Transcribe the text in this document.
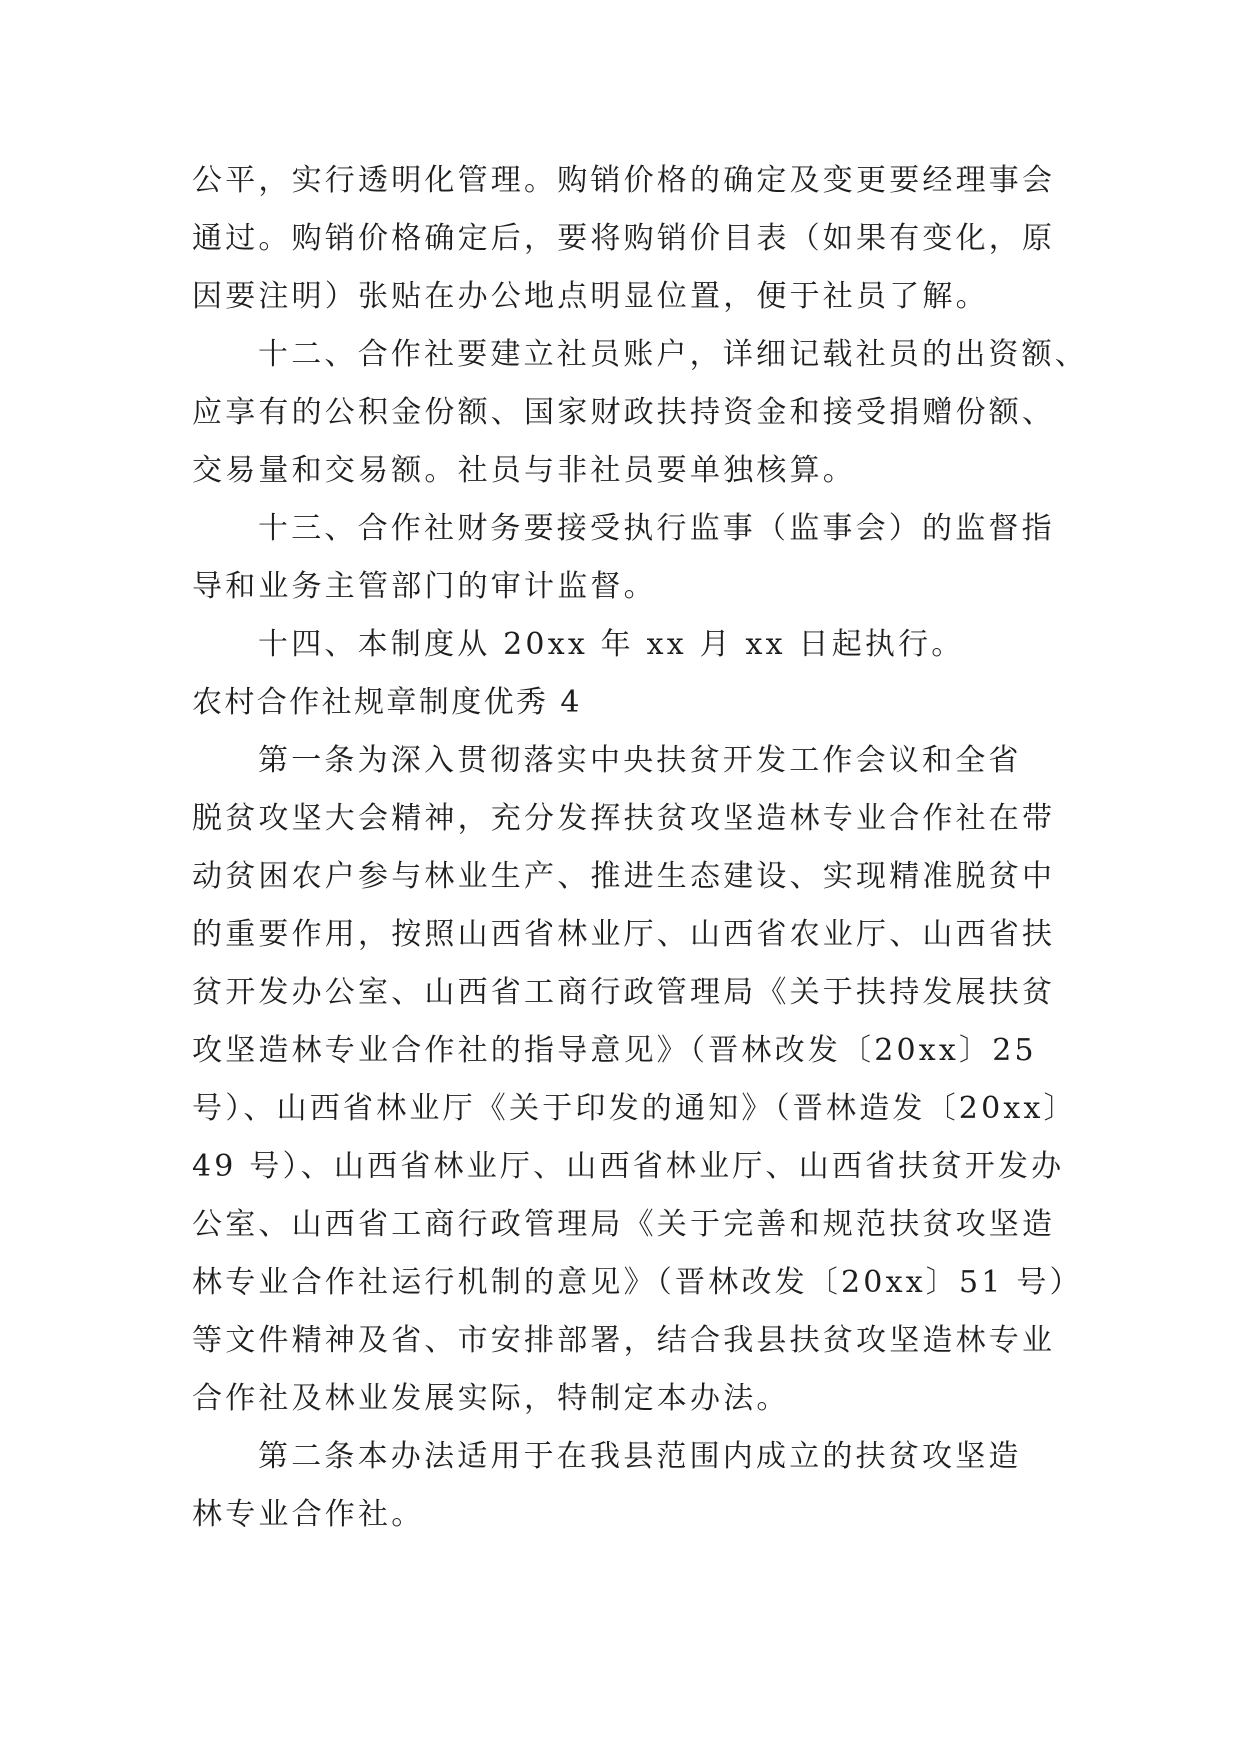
公平，实行透明化管理。购销价格的确定及变更要经理事会
通过。购销价格确定后，要将购销价目表（如果有变化，原
因要注明）张贴在办公地点明显位置，便于社员了解。
十二、合作社要建立社员账户，详细记载社员的出资额、
应享有的公积金份额、国家财政扶持资金和接受捐赠份额、
交易量和交易额。社员与非社员要单独核算。
十三、合作社财务要接受执行监事（监事会）的监督指
导和业务主管部门的审计监督。
十四、本制度从 20xx 年 xx 月 xx 日起执行。
农村合作社规章制度优秀 4
第一条为深入贯彻落实中央扶贫开发工作会议和全省
脱贫攻坚大会精神，充分发挥扶贫攻坚造林专业合作社在带
动贫困农户参与林业生产、推进生态建设、实现精准脱贫中
的重要作用，按照山西省林业厅、山西省农业厅、山西省扶
贫开发办公室、山西省工商行政管理局《关于扶持发展扶贫
攻坚造林专业合作社的指导意见》（晋林改发〔20xx〕25
号）、山西省林业厅《关于印发的通知》（晋林造发〔20xx〕
49 号）、山西省林业厅、山西省林业厅、山西省扶贫开发办
公室、山西省工商行政管理局《关于完善和规范扶贫攻坚造
林专业合作社运行机制的意见》（晋林改发〔20xx〕51 号）
等文件精神及省、市安排部署，结合我县扶贫攻坚造林专业
合作社及林业发展实际，特制定本办法。
第二条本办法适用于在我县范围内成立的扶贫攻坚造
林专业合作社。
